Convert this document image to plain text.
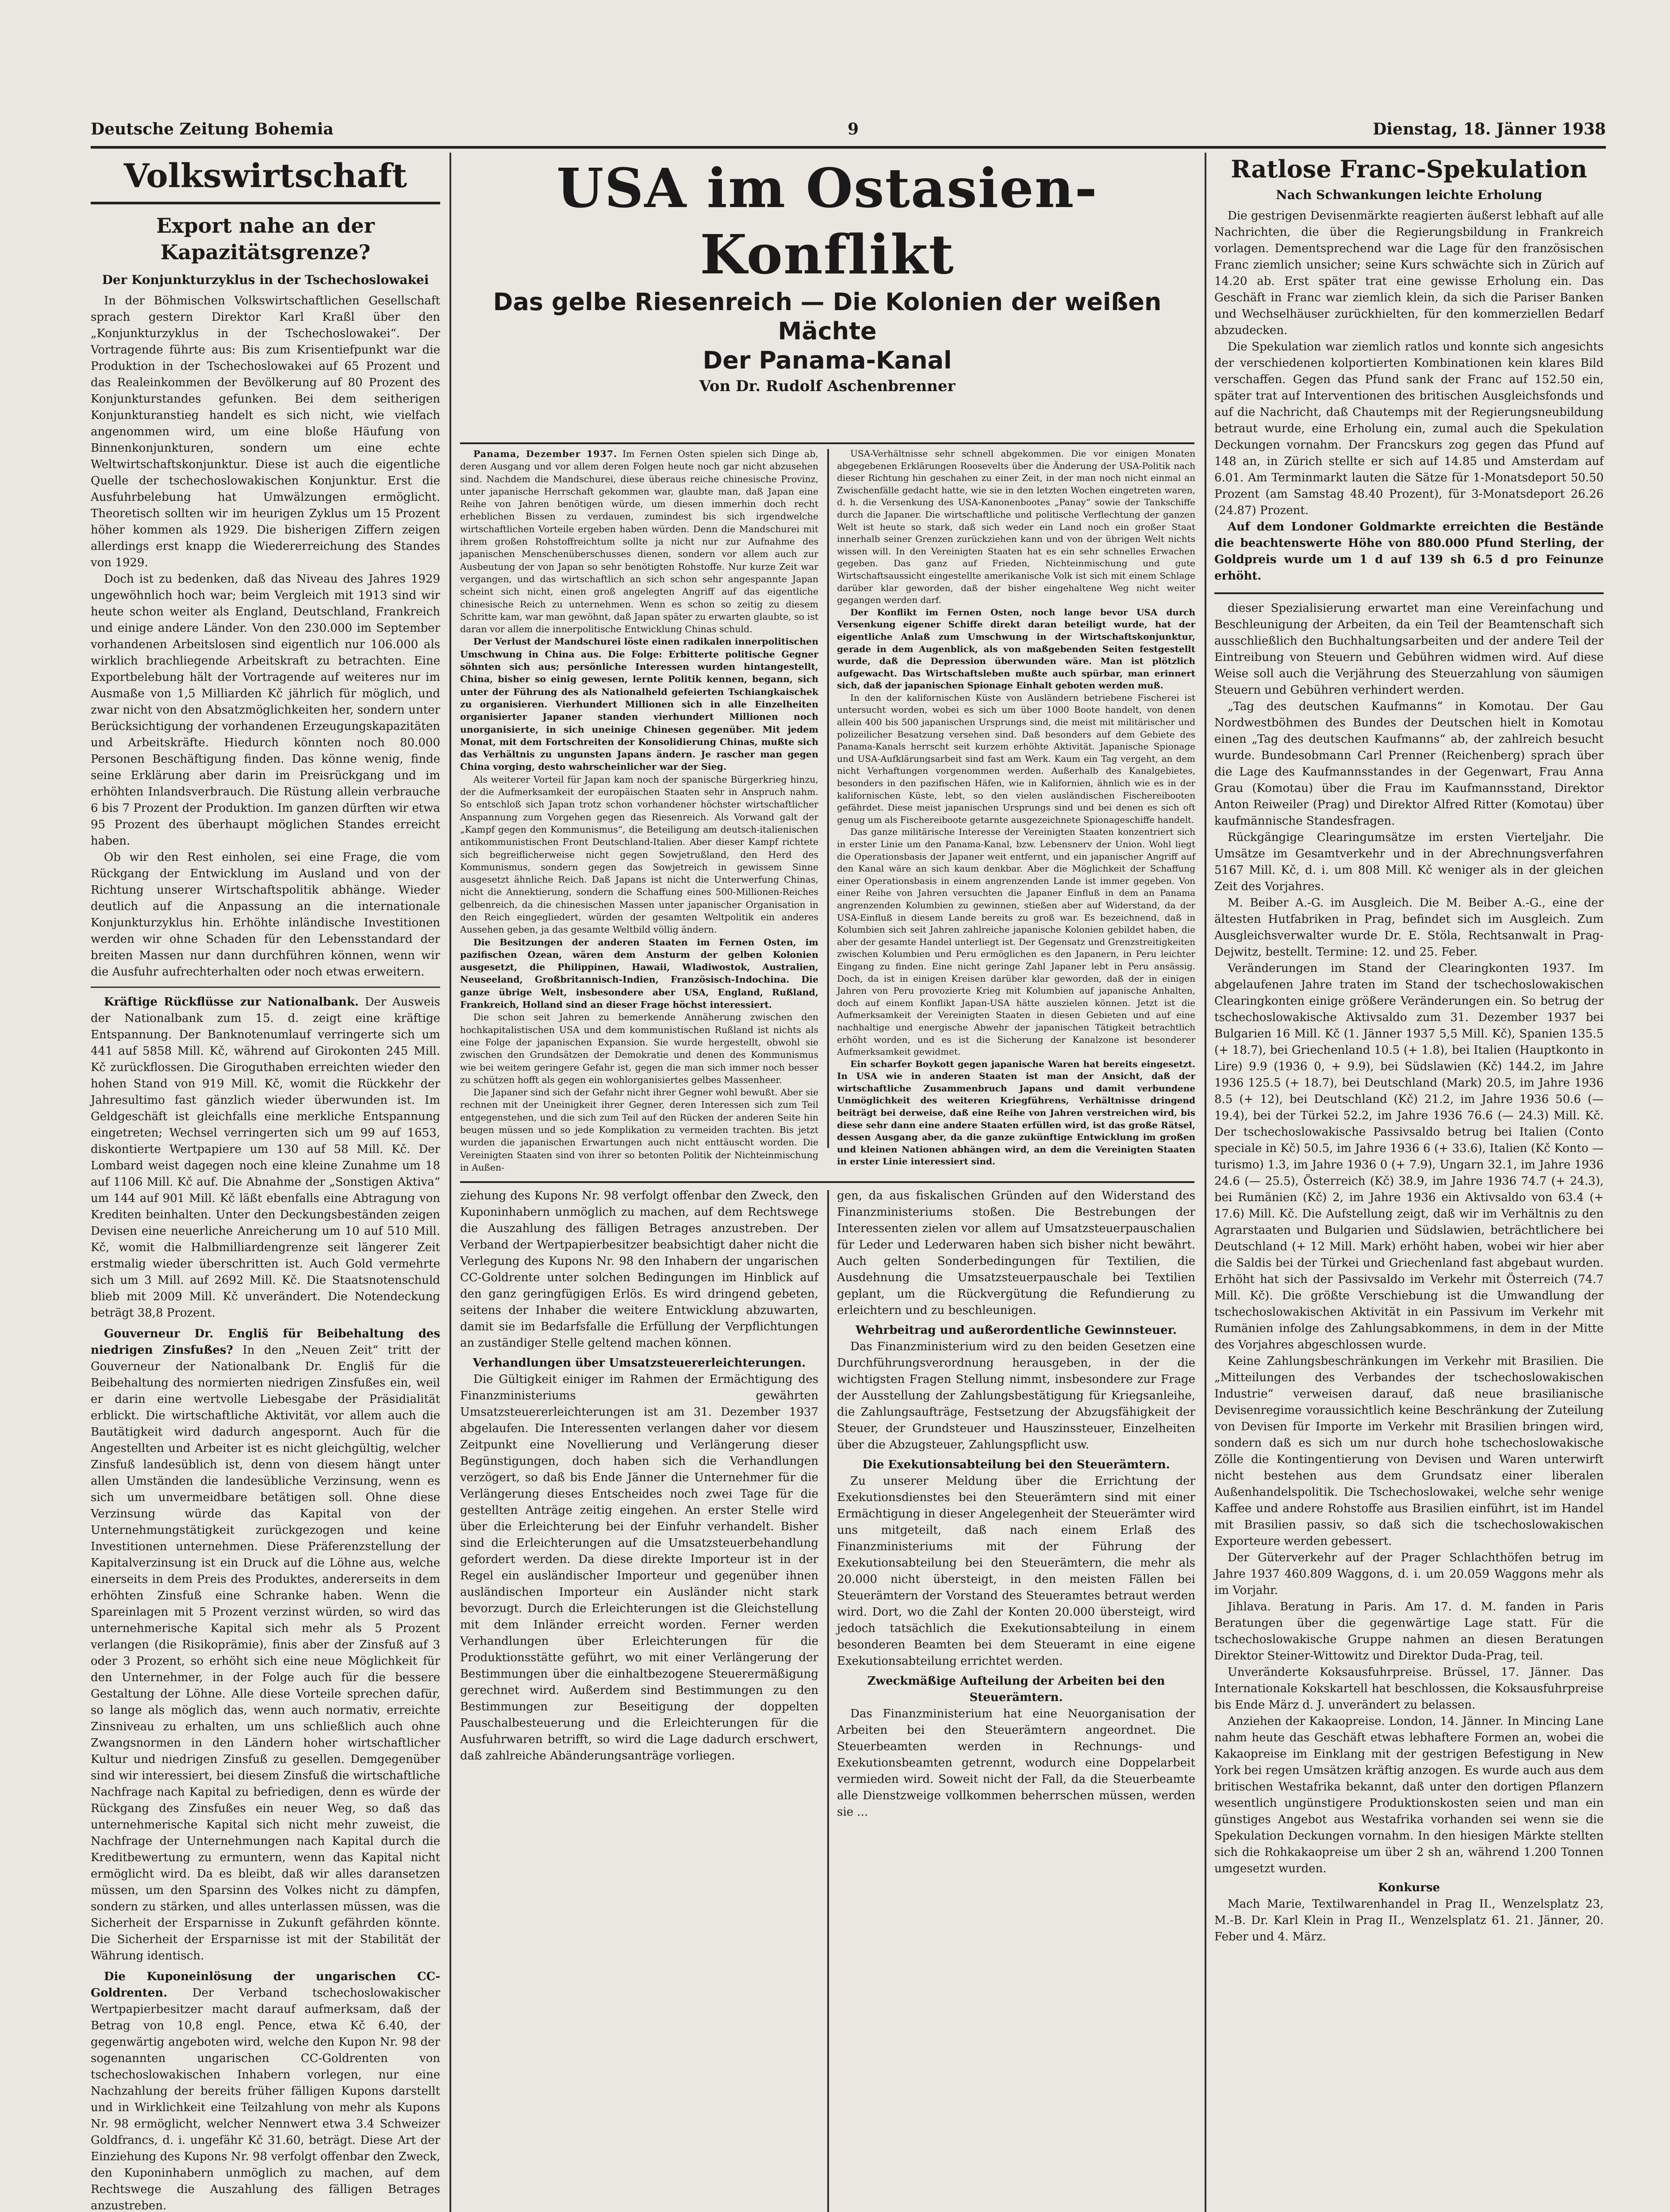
Deutsche Zeitung Bohemia	9	Dienstag, 18. Jänner 1938
Volkswirtschaft
Export nahe an der Kapazitätsgrenze?
Der Konjunkturzyklus in der Tschechoslowakei

In der Böhmischen Volkswirtschaftlichen Gesellschaft sprach gestern Direktor Karl Kraßl über den „Konjunkturzyklus in der Tschechoslowakei“. Der Vortragende führte aus: Bis zum Krisentiefpunkt war die Produktion in der Tschechoslowakei auf 65 Prozent und das Realeinkommen der Bevölkerung auf 80 Prozent des Konjunkturstandes gefunken. Bei dem seitherigen Konjunkturanstieg handelt es sich nicht, wie vielfach angenommen wird, um eine bloße Häufung von Binnenkonjunkturen, sondern um eine echte Weltwirtschaftskonjunktur. Diese ist auch die eigentliche Quelle der tschechoslowakischen Konjunktur. Erst die Ausfuhrbelebung hat Umwälzungen ermöglicht. Theoretisch sollten wir im heurigen Zyklus um 15 Prozent höher kommen als 1929. Die bisherigen Ziffern zeigen allerdings erst knapp die Wiedererreichung des Standes von 1929.

Doch ist zu bedenken, daß das Niveau des Jahres 1929 ungewöhnlich hoch war; beim Vergleich mit 1913 sind wir heute schon weiter als England, Deutschland, Frankreich und einige andere Länder. Von den 230.000 im September vorhandenen Arbeitslosen sind eigentlich nur 106.000 als wirklich brachliegende Arbeitskraft zu betrachten. Eine Exportbelebung hält der Vortragende auf weiteres nur im Ausmaße von 1,5 Milliarden Kč jährlich für möglich, und zwar nicht von den Absatzmöglichkeiten her, sondern unter Berücksichtigung der vorhandenen Erzeugungskapazitäten und Arbeitskräfte. Hiedurch könnten noch 80.000 Personen Beschäftigung finden. Das könne wenig, finde seine Erklärung aber darin im Preisrückgang und im erhöhten Inlandsverbrauch. Die Rüstung allein verbrauche 6 bis 7 Prozent der Produktion. Im ganzen dürften wir etwa 95 Prozent des überhaupt möglichen Standes erreicht haben.

Ob wir den Rest einholen, sei eine Frage, die vom Rückgang der Entwicklung im Ausland und von der Richtung unserer Wirtschaftspolitik abhänge. Wieder deutlich auf die Anpassung an die internationale Konjunkturzyklus hin. Erhöhte inländische Investitionen werden wir ohne Schaden für den Lebensstandard der breiten Massen nur dann durchführen können, wenn wir die Ausfuhr aufrechterhalten oder noch etwas erweitern.

Kräftige Rückflüsse zur Nationalbank. Der Ausweis der Nationalbank zum 15. d. zeigt eine kräftige Entspannung. Der Banknotenumlauf verringerte sich um 441 auf 5858 Mill. Kč, während auf Girokonten 245 Mill. Kč zurückflossen. Die Giroguthaben erreichten wieder den hohen Stand von 919 Mill. Kč, womit die Rückkehr der Jahresultimo fast gänzlich wieder überwunden ist. Im Geldgeschäft ist gleichfalls eine merkliche Entspannung eingetreten; Wechsel verringerten sich um 99 auf 1653, diskontierte Wertpapiere um 130 auf 58 Mill. Kč. Der Lombard weist dagegen noch eine kleine Zunahme um 18 auf 1106 Mill. Kč auf. Die Abnahme der „Sonstigen Aktiva“ um 144 auf 901 Mill. Kč läßt ebenfalls eine Abtragung von Krediten beinhalten. Unter den Deckungsbeständen zeigen Devisen eine neuerliche Anreicherung um 10 auf 510 Mill. Kč, womit die Halbmilliardengrenze seit längerer Zeit erstmalig wieder überschritten ist. Auch Gold vermehrte sich um 3 Mill. auf 2692 Mill. Kč. Die Staatsnotenschuld blieb mit 2009 Mill. Kč unverändert. Die Notendeckung beträgt 38,8 Prozent.

Gouverneur Dr. Engliš für Beibehaltung des niedrigen Zinsfußes? In den „Neuen Zeit“ tritt der Gouverneur der Nationalbank Dr. Engliš für die Beibehaltung des normierten niedrigen Zinsfußes ein, weil er darin eine wertvolle Liebesgabe der Präsidialität erblickt. Die wirtschaftliche Aktivität, vor allem auch die Bautätigkeit wird dadurch angespornt. Auch für die Angestellten und Arbeiter ist es nicht gleichgültig, welcher Zinsfuß landesüblich ist, denn von diesem hängt unter allen Umständen die landesübliche Verzinsung, wenn es sich um unvermeidbare betätigen soll. Ohne diese Verzinsung würde das Kapital von der Unternehmungstätigkeit zurückgezogen und keine Investitionen unternehmen. Diese Präferenzstellung der Kapitalverzinsung ist ein Druck auf die Löhne aus, welche einerseits in dem Preis des Produktes, andererseits in dem erhöhten Zinsfuß eine Schranke haben. Wenn die Spareinlagen mit 5 Prozent verzinst würden, so wird das unternehmerische Kapital sich mehr als 5 Prozent verlangen (die Risikoprämie), finis aber der Zinsfuß auf 3 oder 3 Prozent, so erhöht sich eine neue Möglichkeit für den Unternehmer, in der Folge auch für die bessere Gestaltung der Löhne. Alle diese Vorteile sprechen dafür, so lange als möglich das, wenn auch normativ, erreichte Zinsniveau zu erhalten, um uns schließlich auch ohne Zwangsnormen in den Ländern hoher wirtschaftlicher Kultur und niedrigen Zinsfuß zu gesellen. Demgegenüber sind wir interessiert, bei diesem Zinsfuß die wirtschaftliche Nachfrage nach Kapital zu befriedigen, denn es würde der Rückgang des Zinsfußes ein neuer Weg, so daß das unternehmerische Kapital sich nicht mehr zuweist, die Nachfrage der Unternehmungen nach Kapital durch die Kreditbewertung zu ermuntern, wenn das Kapital nicht ermöglicht wird. Da es bleibt, daß wir alles daransetzen müssen, um den Sparsinn des Volkes nicht zu dämpfen, sondern zu stärken, und alles unterlassen müssen, was die Sicherheit der Ersparnisse in Zukunft gefährden könnte. Die Sicherheit der Ersparnisse ist mit der Stabilität der Währung identisch.

Die Kuponeinlösung der ungarischen CC-Goldrenten. Der Verband tschechoslowakischer Wertpapierbesitzer macht darauf aufmerksam, daß der Betrag von 10,8 engl. Pence, etwa Kč 6.40, der gegenwärtig angeboten wird, welche den Kupon Nr. 98 der sogenannten ungarischen CC-Goldrenten von tschechoslowakischen Inhabern vorlegen, nur eine Nachzahlung der bereits früher fälligen Kupons darstellt und in Wirklichkeit eine Teilzahlung von mehr als Kupons Nr. 98 ermöglicht, welcher Nennwert etwa 3.4 Schweizer Goldfrancs, d. i. ungefähr Kč 31.60, beträgt. Diese Art der Einziehung des Kupons Nr. 98 verfolgt offenbar den Zweck, den Kuponinhabern unmöglich zu machen, auf dem Rechtswege die Auszahlung des fälligen Betrages anzustreben.

USA im Ostasien-Konflikt
Das gelbe Riesenreich — Die Kolonien der weißen Mächte
Der Panama-Kanal
Von Dr. Rudolf Aschenbrenner

Panama, Dezember 1937. Im Fernen Osten spielen sich Dinge ab, deren Ausgang und vor allem deren Folgen heute noch gar nicht abzusehen sind. Nachdem die Mandschurei, diese überaus reiche chinesische Provinz, unter japanische Herrschaft gekommen war, glaubte man, daß Japan eine Reihe von Jahren benötigen würde, um diesen immerhin doch recht erheblichen Bissen zu verdauen, zumindest bis sich irgendwelche wirtschaftlichen Vorteile ergeben haben würden. Denn die Mandschurei mit ihrem großen Rohstoffreichtum sollte ja nicht nur zur Aufnahme des japanischen Menschenüberschusses dienen, sondern vor allem auch zur Ausbeutung der von Japan so sehr benötigten Rohstoffe. Nur kurze Zeit war vergangen, und das wirtschaftlich an sich schon sehr angespannte Japan scheint sich nicht, einen groß angelegten Angriff auf das eigentliche chinesische Reich zu unternehmen. Wenn es schon so zeitig zu diesem Schritte kam, war man gewöhnt, daß Japan später zu erwarten glaubte, so ist daran vor allem die innerpolitische Entwicklung Chinas schuld.

Der Verlust der Mandschurei löste einen radikalen innerpolitischen Umschwung in China aus. Die Folge: Erbitterte politische Gegner söhnten sich aus; persönliche Interessen wurden hintangestellt, China, bisher so einig gewesen, lernte Politik kennen, begann, sich unter der Führung des als Nationalheld gefeierten Tschiangkaischek zu organisieren. Vierhundert Millionen sich in alle Einzelheiten organisierter Japaner standen vierhundert Millionen noch unorganisierte, in sich uneinige Chinesen gegenüber. Mit jedem Monat, mit dem Fortschreiten der Konsolidierung Chinas, mußte sich das Verhältnis zu ungunsten Japans ändern. Je rascher man gegen China vorging, desto wahrscheinlicher war der Sieg.

Als weiterer Vorteil für Japan kam noch der spanische Bürgerkrieg hinzu, der die Aufmerksamkeit der europäischen Staaten sehr in Anspruch nahm. So entschloß sich Japan trotz schon vorhandener höchster wirtschaftlicher Anspannung zum Vorgehen gegen das Riesenreich. Als Vorwand galt der „Kampf gegen den Kommunismus“, die Beteiligung am deutsch-italienischen antikommunistischen Front Deutschland-Italien. Aber dieser Kampf richtete sich begreiflicherweise nicht gegen Sowjetrußland, den Herd des Kommunismus, sondern gegen das Sowjetreich in gewissem Sinne ausgesetzt ähnliche Reich. Daß Japans ist nicht die Unterwerfung Chinas, nicht die Annektierung, sondern die Schaffung eines 500-Millionen-Reiches gelbenreich, da die chinesischen Massen unter japanischer Organisation in den Reich eingegliedert, würden der gesamten Weltpolitik ein anderes Aussehen geben, ja das gesamte Weltbild völlig ändern.

Die Besitzungen der anderen Staaten im Fernen Osten, im pazifischen Ozean, wären dem Ansturm der gelben Kolonien ausgesetzt, die Philippinen, Hawaii, Wladiwostok, Australien, Neuseeland, Großbritannisch-Indien, Französisch-Indochina. Die ganze übrige Welt, insbesondere aber USA, England, Rußland, Frankreich, Holland sind an dieser Frage höchst interessiert.

Die schon seit Jahren zu bemerkende Annäherung zwischen den hochkapitalistischen USA und dem kommunistischen Rußland ist nichts als eine Folge der japanischen Expansion. Sie wurde hergestellt, obwohl sie zwischen den Grundsätzen der Demokratie und denen des Kommunismus wie bei weitem geringere Gefahr ist, gegen die man sich immer noch besser zu schützen hofft als gegen ein wohlorganisiertes gelbes Massenheer.

Die Japaner sind sich der Gefahr nicht ihrer Gegner wohl bewußt. Aber sie rechnen mit der Uneinigkeit ihrer Gegner, deren Interessen sich zum Teil entgegenstehen, und die sich zum Teil auf den Rücken der anderen Seite hin beugen müssen und so jede Komplikation zu vermeiden trachten. Bis jetzt wurden die japanischen Erwartungen auch nicht enttäuscht worden. Die Vereinigten Staaten sind von ihrer so betonten Politik der Nichteinmischung in Außen-

USA-Verhältnisse sehr schnell abgekommen. Die vor einigen Monaten abgegebenen Erklärungen Roosevelts über die Änderung der USA-Politik nach dieser Richtung hin geschahen zu einer Zeit, in der man noch nicht einmal an Zwischenfälle gedacht hatte, wie sie in den letzten Wochen eingetreten waren, d. h. die Versenkung des USA-Kanonenbootes „Panay“ sowie der Tankschiffe durch die Japaner. Die wirtschaftliche und politische Verflechtung der ganzen Welt ist heute so stark, daß sich weder ein Land noch ein großer Staat innerhalb seiner Grenzen zurückziehen kann und von der übrigen Welt nichts wissen will. In den Vereinigten Staaten hat es ein sehr schnelles Erwachen gegeben. Das ganz auf Frieden, Nichteinmischung und gute Wirtschaftsaussicht eingestellte amerikanische Volk ist sich mit einem Schlage darüber klar geworden, daß der bisher eingehaltene Weg nicht weiter gegangen werden darf.

Der Konflikt im Fernen Osten, noch lange bevor USA durch Versenkung eigener Schiffe direkt daran beteiligt wurde, hat der eigentliche Anlaß zum Umschwung in der Wirtschaftskonjunktur, gerade in dem Augenblick, als von maßgebenden Seiten festgestellt wurde, daß die Depression überwunden wäre. Man ist plötzlich aufgewacht. Das Wirtschaftsleben mußte auch spürbar, man erinnert sich, daß der japanischen Spionage Einhalt geboten werden muß.

In den der kalifornischen Küste von Ausländern betriebene Fischerei ist untersucht worden, wobei es sich um über 1000 Boote handelt, von denen allein 400 bis 500 japanischen Ursprungs sind, die meist mit militärischer und polizeilicher Besatzung versehen sind. Daß besonders auf dem Gebiete des Panama-Kanals herrscht seit kurzem erhöhte Aktivität. Japanische Spionage und USA-Aufklärungsarbeit sind fast am Werk. Kaum ein Tag vergeht, an dem nicht Verhaftungen vorgenommen werden. Außerhalb des Kanalgebietes, besonders in den pazifischen Häfen, wie in Kalifornien, ähnlich wie es in der kalifornischen Küste, lebt, so den vielen ausländischen Fischereibooten gefährdet. Diese meist japanischen Ursprungs sind und bei denen es sich oft genug um als Fischereiboote getarnte ausgezeichnete Spionageschiffe handelt.

Das ganze militärische Interesse der Vereinigten Staaten konzentriert sich in erster Linie um den Panama-Kanal, bzw. Lebensnerv der Union. Wohl liegt die Operationsbasis der Japaner weit entfernt, und ein japanischer Angriff auf den Kanal wäre an sich kaum denkbar. Aber die Möglichkeit der Schaffung einer Operationsbasis in einem angrenzenden Lande ist immer gegeben. Von einer Reihe von Jahren versuchten die Japaner Einfluß in dem an Panama angrenzenden Kolumbien zu gewinnen, stießen aber auf Widerstand, da der USA-Einfluß in diesem Lande bereits zu groß war. Es bezeichnend, daß in Kolumbien sich seit Jahren zahlreiche japanische Kolonien gebildet haben, die aber der gesamte Handel unterliegt ist. Der Gegensatz und Grenzstreitigkeiten zwischen Kolumbien und Peru ermöglichen es den Japanern, in Peru leichter Eingang zu finden. Eine nicht geringe Zahl Japaner lebt in Peru ansässig. Doch, da ist in einigen Kreisen darüber klar geworden, daß der in einigen Jahren von Peru provozierte Krieg mit Kolumbien auf japanische Anhalten, doch auf einem Konflikt Japan-USA hätte auszielen können. Jetzt ist die Aufmerksamkeit der Vereinigten Staaten in diesen Gebieten und auf eine nachhaltige und energische Abwehr der japanischen Tätigkeit betrachtlich erhöht worden, und es ist die Sicherung der Kanalzone ist besonderer Aufmerksamkeit gewidmet.

Ein scharfer Boykott gegen japanische Waren hat bereits eingesetzt. In USA wie in anderen Staaten ist man der Ansicht, daß der wirtschaftliche Zusammenbruch Japans und damit verbundene Unmöglichkeit des weiteren Kriegführens, Verhältnisse dringend beiträgt bei derweise, daß eine Reihe von Jahren verstreichen wird, bis diese sehr dann eine andere Staaten erfüllen wird, ist das große Rätsel, dessen Ausgang aber, da die ganze zukünftige Entwicklung im großen und kleinen Nationen abhängen wird, an dem die Vereinigten Staaten in erster Linie interessiert sind.

ziehung des Kupons Nr. 98 verfolgt offenbar den Zweck, den Kuponinhabern unmöglich zu machen, auf dem Rechtswege die Auszahlung des fälligen Betrages anzustreben. Der Verband der Wertpapierbesitzer beabsichtigt daher nicht die Verlegung des Kupons Nr. 98 den Inhabern der ungarischen CC-Goldrente unter solchen Bedingungen im Hinblick auf den ganz geringfügigen Erlös. Es wird dringend gebeten, seitens der Inhaber die weitere Entwicklung abzuwarten, damit sie im Bedarfsfalle die Erfüllung der Verpflichtungen an zuständiger Stelle geltend machen können.

Verhandlungen über Umsatzsteuererleichterungen.

Die Gültigkeit einiger im Rahmen der Ermächtigung des Finanzministeriums gewährten Umsatzsteuererleichterungen ist am 31. Dezember 1937 abgelaufen. Die Interessenten verlangen daher vor diesem Zeitpunkt eine Novellierung und Verlängerung dieser Begünstigungen, doch haben sich die Verhandlungen verzögert, so daß bis Ende Jänner die Unternehmer für die Verlängerung dieses Entscheides noch zwei Tage für die gestellten Anträge zeitig eingehen. An erster Stelle wird über die Erleichterung bei der Einfuhr verhandelt. Bisher sind die Erleichterungen auf die Umsatzsteuerbehandlung gefordert werden. Da diese direkte Importeur ist in der Regel ein ausländischer Importeur und gegenüber ihnen ausländischen Importeur ein Ausländer nicht stark bevorzugt. Durch die Erleichterungen ist die Gleichstellung mit dem Inländer erreicht worden. Ferner werden Verhandlungen über Erleichterungen für die Produktionsstätte geführt, wo mit einer Verlängerung der Bestimmungen über die einhaltbezogene Steuerermäßigung gerechnet wird. Außerdem sind Bestimmungen zu den Bestimmungen zur Beseitigung der doppelten Pauschalbesteuerung und die Erleichterungen für die Ausfuhrwaren betrifft, so wird die Lage dadurch erschwert, daß zahlreiche Abänderungsanträge vorliegen.

gen, da aus fiskalischen Gründen auf den Widerstand des Finanzministeriums stoßen. Die Bestrebungen der Interessenten zielen vor allem auf Umsatzsteuerpauschalien für Leder und Lederwaren haben sich bisher nicht bewährt. Auch gelten Sonderbedingungen für Textilien, die Ausdehnung die Umsatzsteuerpauschale bei Textilien geplant, um die Rückvergütung die Refundierung zu erleichtern und zu beschleunigen.

Wehrbeitrag und außerordentliche Gewinnsteuer.

Das Finanzministerium wird zu den beiden Gesetzen eine Durchführungsverordnung herausgeben, in der die wichtigsten Fragen Stellung nimmt, insbesondere zur Frage der Ausstellung der Zahlungsbestätigung für Kriegsanleihe, die Zahlungsaufträge, Festsetzung der Abzugsfähigkeit der Steuer, der Grundsteuer und Hauszinssteuer, Einzelheiten über die Abzugsteuer, Zahlungspflicht usw.

Die Exekutionsabteilung bei den Steuerämtern.

Zu unserer Meldung über die Errichtung der Exekutionsdienstes bei den Steuerämtern sind mit einer Ermächtigung in dieser Angelegenheit der Steuerämter wird uns mitgeteilt, daß nach einem Erlaß des Finanzministeriums mit der Führung der Exekutionsabteilung bei den Steuerämtern, die mehr als 20.000 nicht übersteigt, in den meisten Fällen bei Steuerämtern der Vorstand des Steueramtes betraut werden wird. Dort, wo die Zahl der Konten 20.000 übersteigt, wird jedoch tatsächlich die Exekutionsabteilung in einem besonderen Beamten bei dem Steueramt in eine eigene Exekutionsabteilung errichtet werden.

Zweckmäßige Aufteilung der Arbeiten bei den Steuerämtern.

Das Finanzministerium hat eine Neuorganisation der Arbeiten bei den Steuerämtern angeordnet. Die Steuerbeamten werden in Rechnungs- und Exekutionsbeamten getrennt, wodurch eine Doppelarbeit vermieden wird. Soweit nicht der Fall, da die Steuerbeamte alle Dienstzweige vollkommen beherrschen müssen, werden sie ...

Ratlose Franc-Spekulation
Nach Schwankungen leichte Erholung

Die gestrigen Devisenmärkte reagierten äußerst lebhaft auf alle Nachrichten, die über die Regierungsbildung in Frankreich vorlagen. Dementsprechend war die Lage für den französischen Franc ziemlich unsicher; seine Kurs schwächte sich in Zürich auf 14.20 ab. Erst später trat eine gewisse Erholung ein. Das Geschäft in Franc war ziemlich klein, da sich die Pariser Banken und Wechselhäuser zurückhielten, für den kommerziellen Bedarf abzudecken.

Die Spekulation war ziemlich ratlos und konnte sich angesichts der verschiedenen kolportierten Kombinationen kein klares Bild verschaffen. Gegen das Pfund sank der Franc auf 152.50 ein, später trat auf Interventionen des britischen Ausgleichsfonds und auf die Nachricht, daß Chautemps mit der Regierungsneubildung betraut wurde, eine Erholung ein, zumal auch die Spekulation Deckungen vornahm. Der Francskurs zog gegen das Pfund auf 148 an, in Zürich stellte er sich auf 14.85 und Amsterdam auf 6.01. Am Terminmarkt lauten die Sätze für 1-Monatsdeport 50.50 Prozent (am Samstag 48.40 Prozent), für 3-Monatsdeport 26.26 (24.87) Prozent.

Auf dem Londoner Goldmarkte erreichten die Bestände die beachtenswerte Höhe von 880.000 Pfund Sterling, der Goldpreis wurde um 1 d auf 139 sh 6.5 d pro Feinunze erhöht.

dieser Spezialisierung erwartet man eine Vereinfachung und Beschleunigung der Arbeiten, da ein Teil der Beamtenschaft sich ausschließlich den Buchhaltungsarbeiten und der andere Teil der Eintreibung von Steuern und Gebühren widmen wird. Auf diese Weise soll auch die Verjährung des Steuerzahlung von säumigen Steuern und Gebühren verhindert werden.

„Tag des deutschen Kaufmanns“ in Komotau. Der Gau Nordwestböhmen des Bundes der Deutschen hielt in Komotau einen „Tag des deutschen Kaufmanns“ ab, der zahlreich besucht wurde. Bundesobmann Carl Prenner (Reichenberg) sprach über die Lage des Kaufmannsstandes in der Gegenwart, Frau Anna Grau (Komotau) über die Frau im Kaufmannsstand, Direktor Anton Reiweiler (Prag) und Direktor Alfred Ritter (Komotau) über kaufmännische Standesfragen.

Rückgängige Clearingumsätze im ersten Vierteljahr. Die Umsätze im Gesamtverkehr und in der Abrechnungsverfahren 5167 Mill. Kč, d. i. um 808 Mill. Kč weniger als in der gleichen Zeit des Vorjahres.

M. Beiber A.-G. im Ausgleich. Die M. Beiber A.-G., eine der ältesten Hutfabriken in Prag, befindet sich im Ausgleich. Zum Ausgleichsverwalter wurde Dr. E. Stöla, Rechtsanwalt in Prag-Dejwitz, bestellt. Termine: 12. und 25. Feber.

Veränderungen im Stand der Clearingkonten 1937. Im abgelaufenen Jahre traten im Stand der tschechoslowakischen Clearingkonten einige größere Veränderungen ein. So betrug der tschechoslowakische Aktivsaldo zum 31. Dezember 1937 bei Bulgarien 16 Mill. Kč (1. Jänner 1937 5,5 Mill. Kč), Spanien 135.5 (+ 18.7), bei Griechenland 10.5 (+ 1.8), bei Italien (Hauptkonto in Lire) 9.9 (1936 0, + 9.9), bei Südslawien (Kč) 144.2, im Jahre 1936 125.5 (+ 18.7), bei Deutschland (Mark) 20.5, im Jahre 1936 8.5 (+ 12), bei Deutschland (Kč) 21.2, im Jahre 1936 50.6 (— 19.4), bei der Türkei 52.2, im Jahre 1936 76.6 (— 24.3) Mill. Kč. Der tschechoslowakische Passivsaldo betrug bei Italien (Conto speciale in Kč) 50.5, im Jahre 1936 6 (+ 33.6), Italien (Kč Konto — turismo) 1.3, im Jahre 1936 0 (+ 7.9), Ungarn 32.1, im Jahre 1936 24.6 (— 25.5), Österreich (Kč) 38.9, im Jahre 1936 74.7 (+ 24.3), bei Rumänien (Kč) 2, im Jahre 1936 ein Aktivsaldo von 63.4 (+ 17.6) Mill. Kč. Die Aufstellung zeigt, daß wir im Verhältnis zu den Agrarstaaten und Bulgarien und Südslawien, beträchtlichere bei Deutschland (+ 12 Mill. Mark) erhöht haben, wobei wir hier aber die Saldis bei der Türkei und Griechenland fast abgebaut wurden. Erhöht hat sich der Passivsaldo im Verkehr mit Österreich (74.7 Mill. Kč). Die größte Verschiebung ist die Umwandlung der tschechoslowakischen Aktivität in ein Passivum im Verkehr mit Rumänien infolge des Zahlungsabkommens, in dem in der Mitte des Vorjahres abgeschlossen wurde.

Keine Zahlungsbeschränkungen im Verkehr mit Brasilien. Die „Mitteilungen des Verbandes der tschechoslowakischen Industrie“ verweisen darauf, daß neue brasilianische Devisenregime voraussichtlich keine Beschränkung der Zuteilung von Devisen für Importe im Verkehr mit Brasilien bringen wird, sondern daß es sich um nur durch hohe tschechoslowakische Zölle die Kontingentierung von Devisen und Waren unterwirft nicht bestehen aus dem Grundsatz einer liberalen Außenhandelspolitik. Die Tschechoslowakei, welche sehr wenige Kaffee und andere Rohstoffe aus Brasilien einführt, ist im Handel mit Brasilien passiv, so daß sich die tschechoslowakischen Exporteure werden gebessert.

Der Güterverkehr auf der Prager Schlachthöfen betrug im Jahre 1937 460.809 Waggons, d. i. um 20.059 Waggons mehr als im Vorjahr.

Jihlava. Beratung in Paris. Am 17. d. M. fanden in Paris Beratungen über die gegenwärtige Lage statt. Für die tschechoslowakische Gruppe nahmen an diesen Beratungen Direktor Steiner-Wittowitz und Direktor Duda-Prag, teil.

Unveränderte Koksausfuhrpreise. Brüssel, 17. Jänner. Das Internationale Kokskartell hat beschlossen, die Koksausfuhrpreise bis Ende März d. J. unverändert zu belassen.

Anziehen der Kakaopreise. London, 14. Jänner. In Mincing Lane nahm heute das Geschäft etwas lebhaftere Formen an, wobei die Kakaopreise im Einklang mit der gestrigen Befestigung in New York bei regen Umsätzen kräftig anzogen. Es wurde auch aus dem britischen Westafrika bekannt, daß unter den dortigen Pflanzern wesentlich ungünstigere Produktionskosten seien und man ein günstiges Angebot aus Westafrika vorhanden sei wenn sie die Spekulation Deckungen vornahm. In den hiesigen Märkte stellten sich die Rohkakaopreise um über 2 sh an, während 1.200 Tonnen umgesetzt wurden.

Konkurse

Mach Marie, Textilwarenhandel in Prag II., Wenzelsplatz 23, M.-B. Dr. Karl Klein in Prag II., Wenzelsplatz 61. 21. Jänner, 20. Feber und 4. März.
